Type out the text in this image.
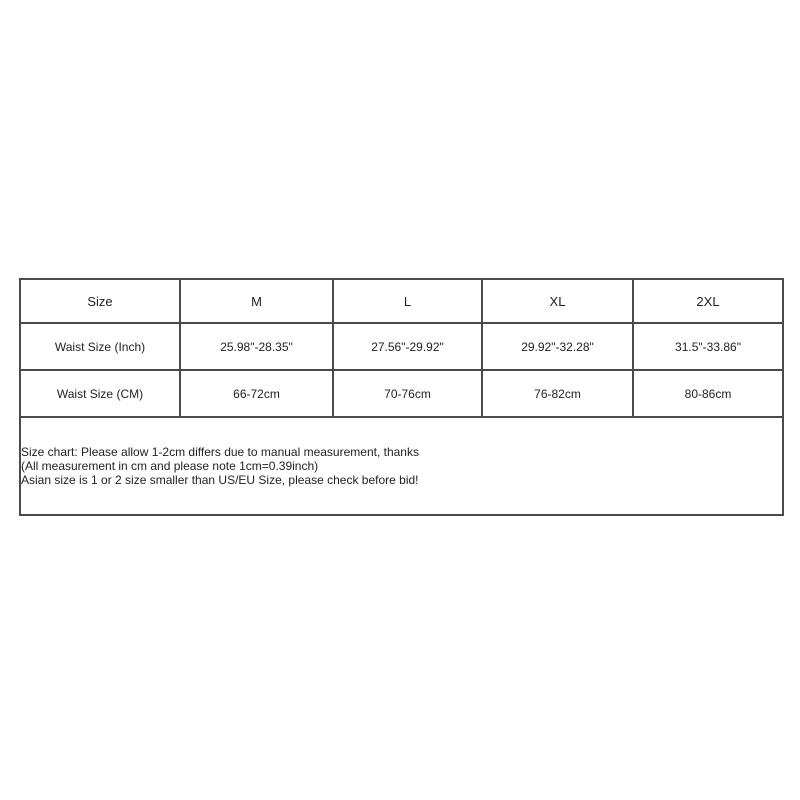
Size	M	L	XL	2XL
Waist Size (Inch)	25.98"-28.35"	27.56"-29.92"	29.92"-32.28"	31.5"-33.86"
Waist Size (CM)	66-72cm	70-76cm	76-82cm	80-86cm

Size chart: Please allow 1-2cm differs due to manual measurement, thanks
(All measurement in cm and please note 1cm=0.39inch)
Asian size is 1 or 2 size smaller than US/EU Size, please check before bid!				
